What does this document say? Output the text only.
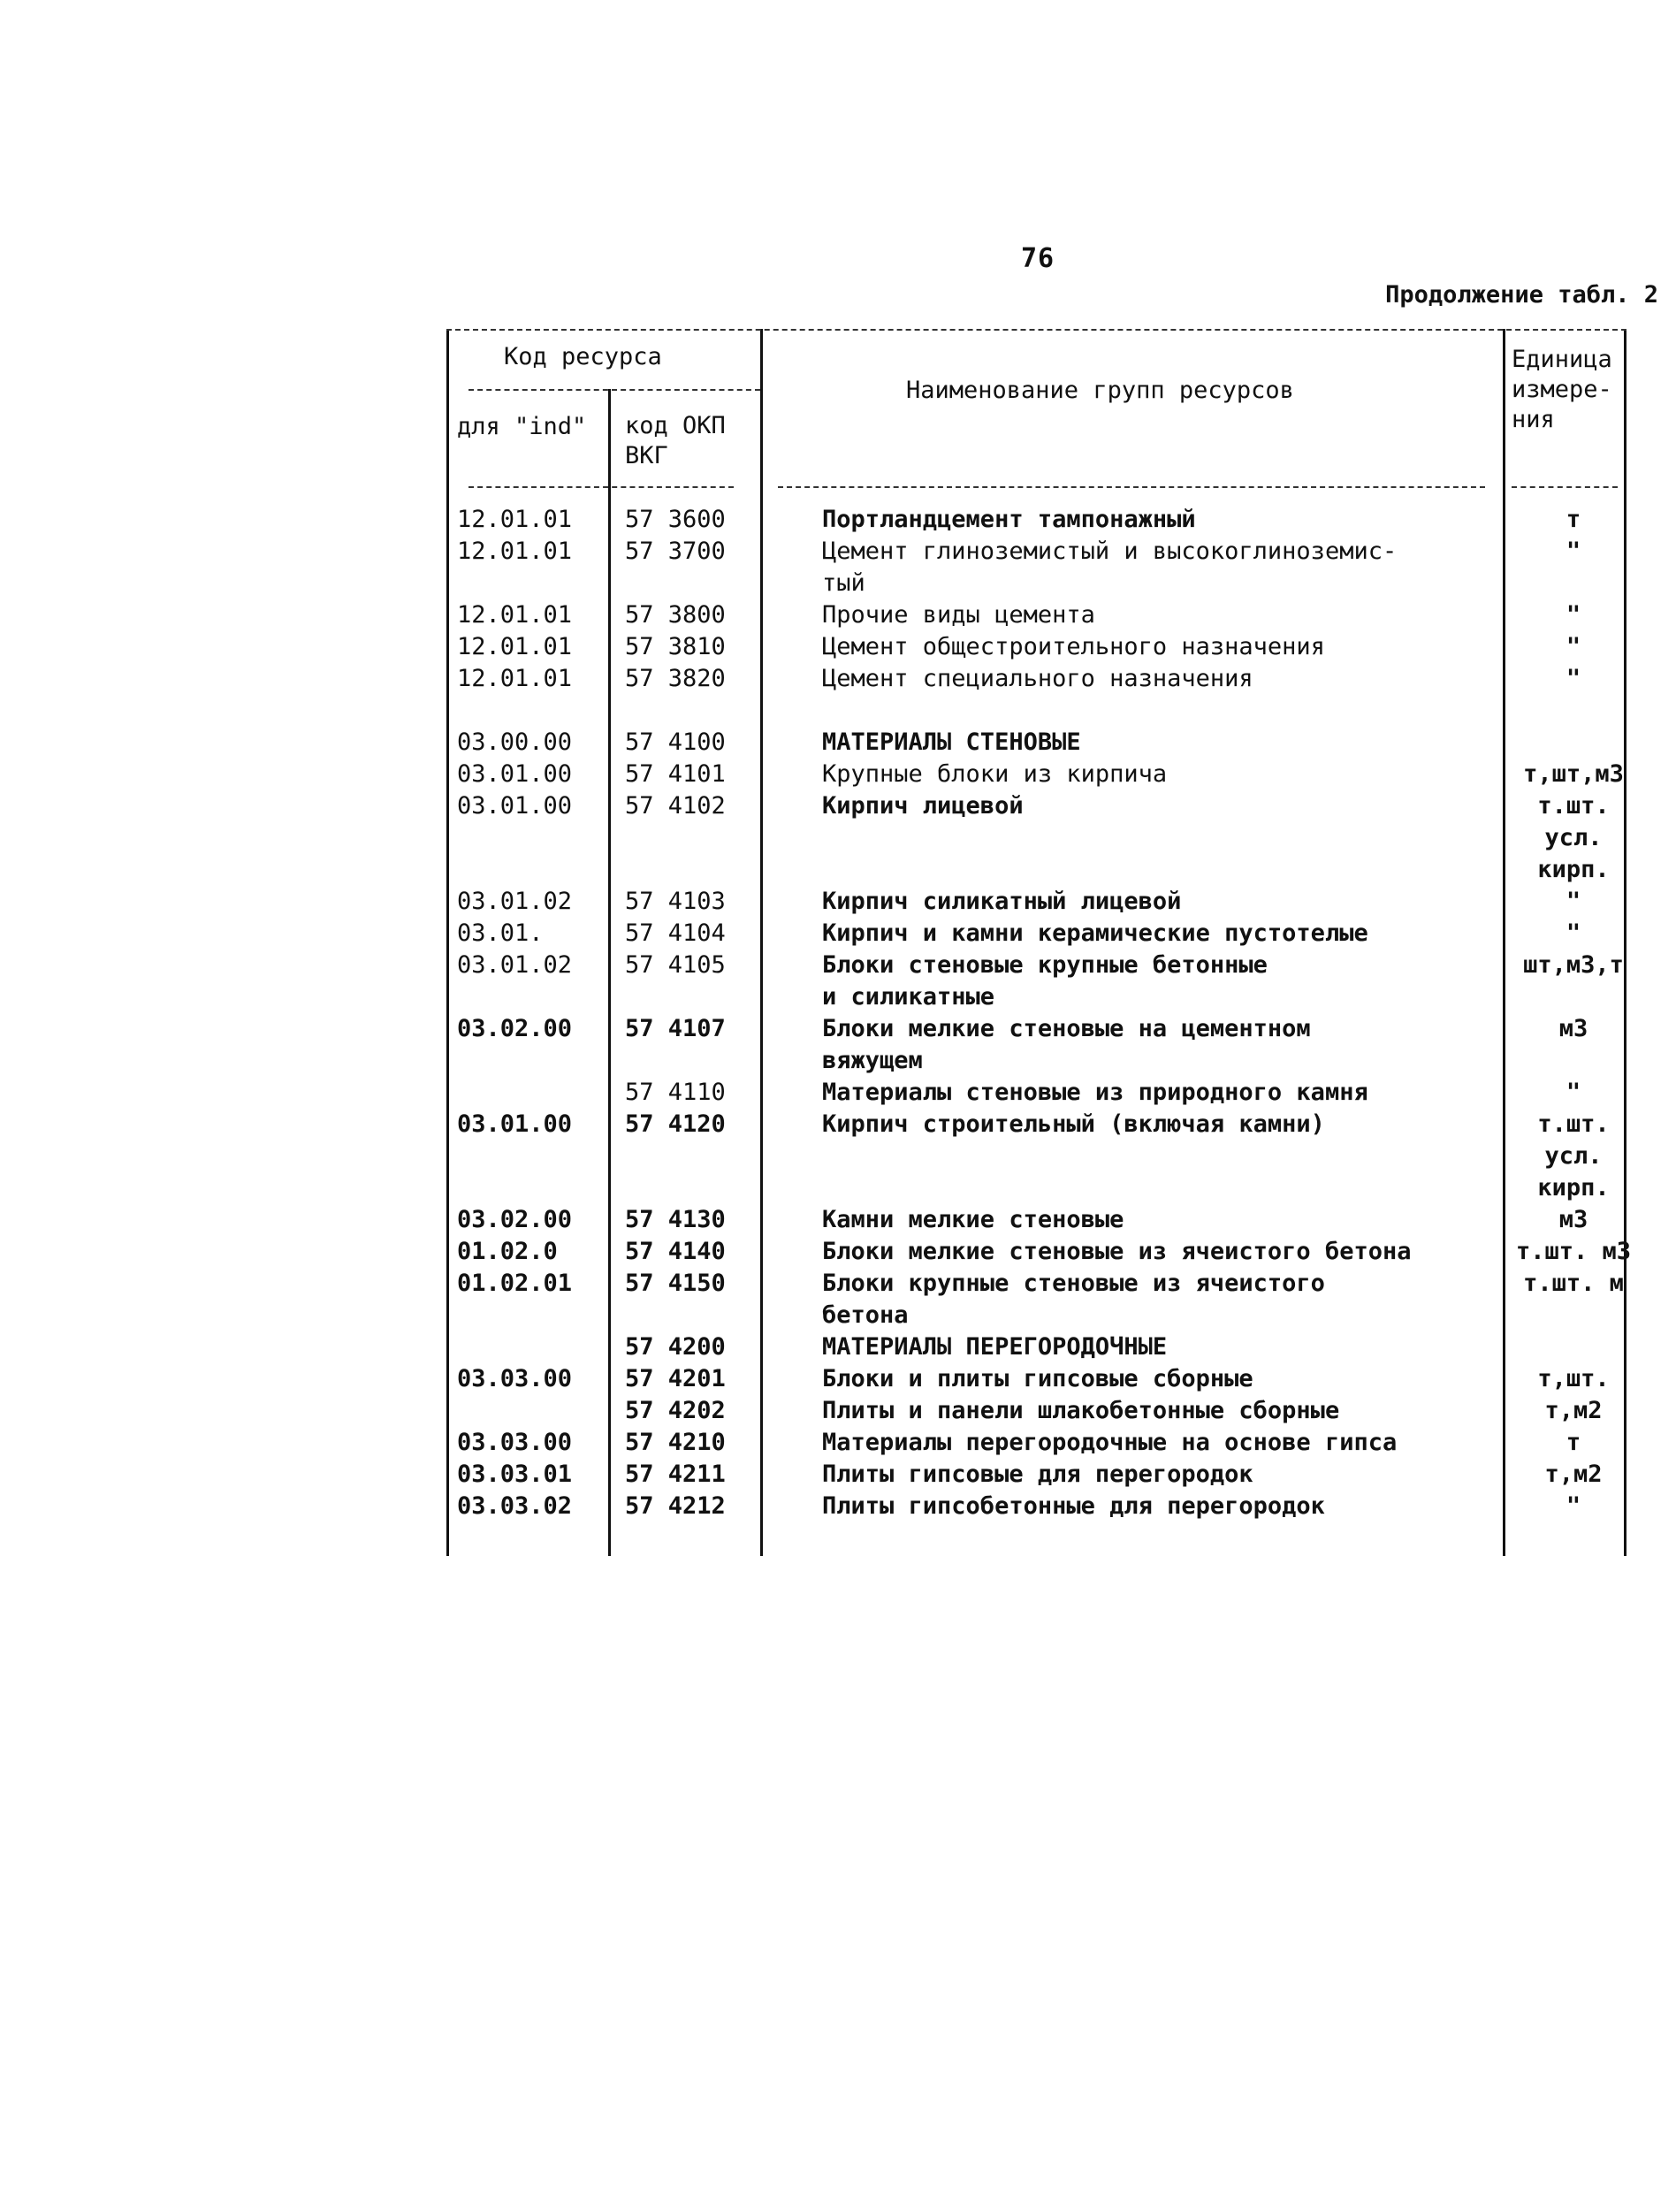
76
Продолжение табл. 2
Код ресурса
для "ind" код ОКП
ВКГ
Наименование групп ресурсов
Единица
измере-
ния
12.01.01 57 3600	Портландцемент тампонажный	т
12.01.01 57 3700	Цемент глиноземистый и высокоглиноземис-
тый
"
12.01.01 57 3800	Прочие виды цемента	"
12.01.01 57 3810	Цемент общестроительного назначения	"
12.01.01 57 3820	Цемент специального назначения	"
03.00.00 57 4100	МАТЕРИАЛЫ СТЕНОВЫЕ
03.01.00 57 4101	Крупные блоки из кирпича	т,шт,м3
03.01.00 57 4102	Кирпич лицевой	т.шт.
усл.
кирп.
03.01.02 57 4103	Кирпич силикатный лицевой	"
03.01.	57 4104	Кирпич и камни керамические пустотелые	"
03.01.02 57 4105	Блоки стеновые крупные бетонные
и силикатные
шт,м3,т
03.02.00 57 4107	Блоки мелкие стеновые на цементном
вяжущем
м3
57 4110	Материалы стеновые из природного камня	"
03.01.00 57 4120	Кирпич строительный (включая камни)	т.шт.
усл.
кирп.
03.02.00 57 4130	Камни мелкие стеновые	м3
01.02.0	57 4140	Блоки мелкие стеновые из ячеистого бетона	т.шт. м3
01.02.01 57 4150	Блоки крупные стеновые из ячеистого
бетона
т.шт. м
57 4200	МАТЕРИАЛЫ ПЕРЕГОРОДОЧНЫЕ
03.03.00 57 4201	Блоки и плиты гипсовые сборные	т,шт.
57 4202	Плиты и панели шлакобетонные сборные	т,м2
03.03.00 57 4210	Материалы перегородочные на основе гипса	т
03.03.01 57 4211	Плиты гипсовые для перегородок	т,м2
03.03.02 57 4212	Плиты гипсобетонные для перегородок	"
